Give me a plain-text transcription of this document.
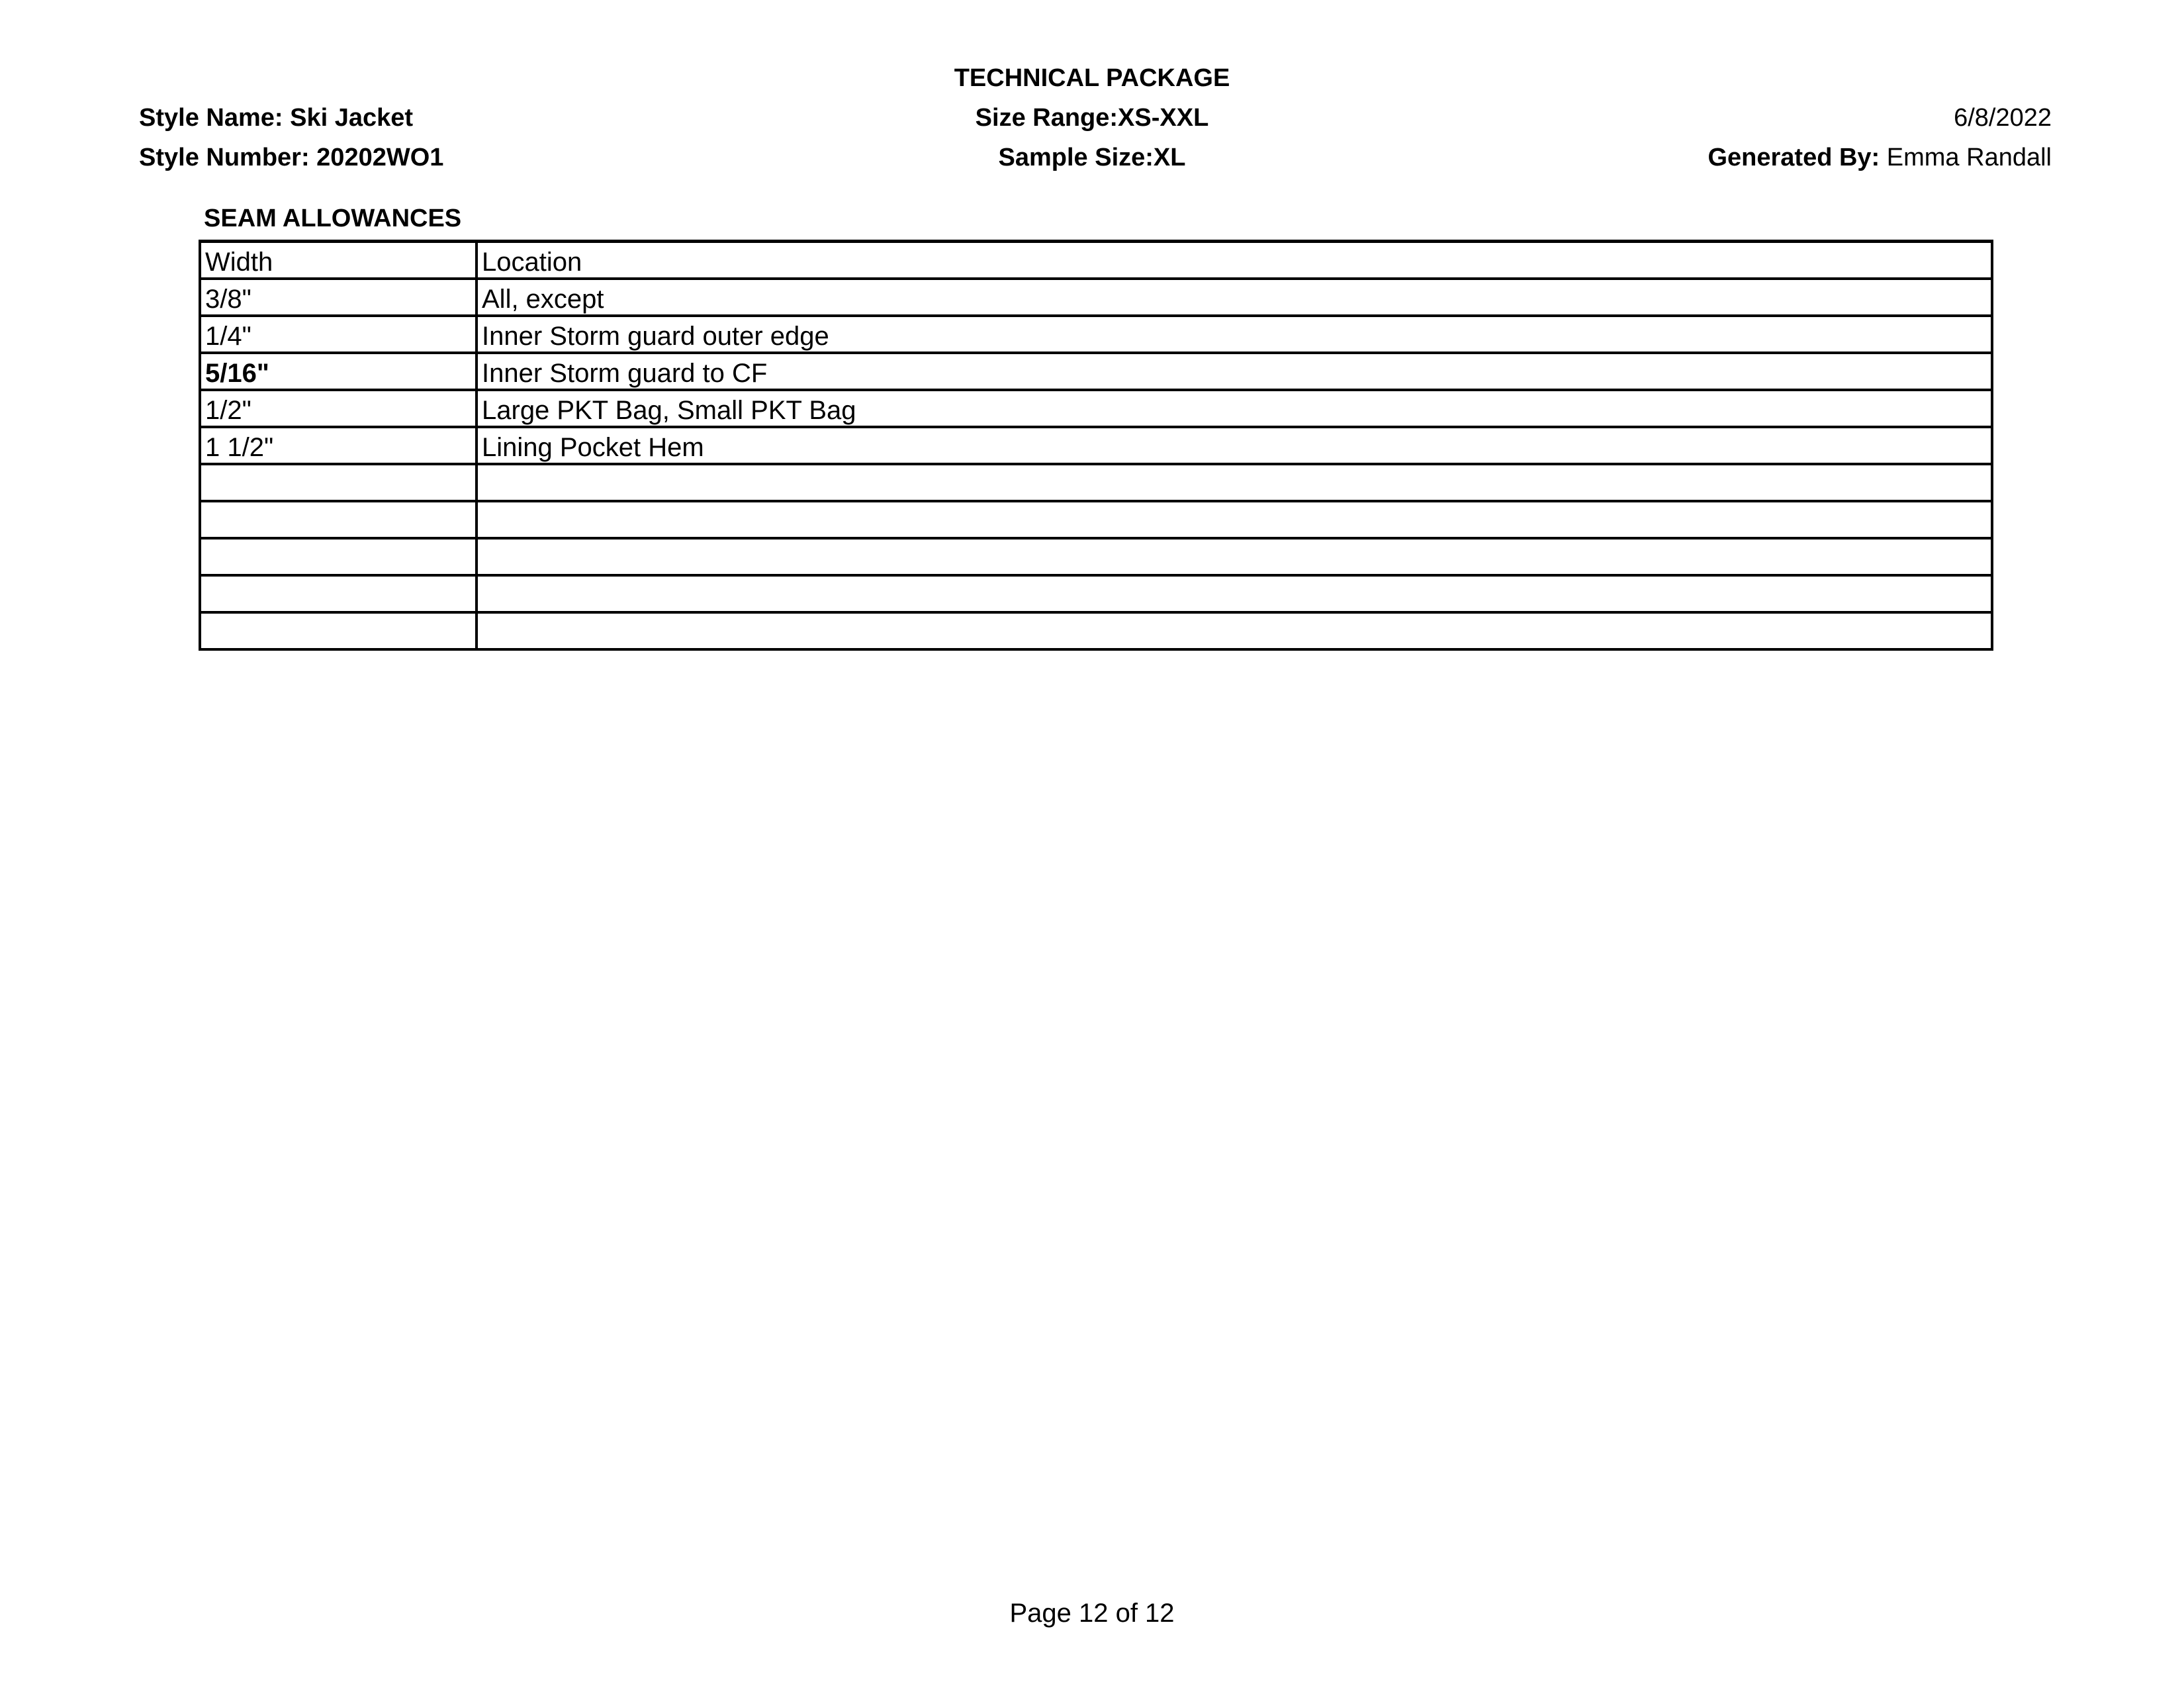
TECHNICAL PACKAGE
Size Range:XS-XXL
Sample Size:XL
Style Name: Ski Jacket
Style Number: 20202WO1
6/8/2022
Generated By: Emma Randall
SEAM ALLOWANCES
Width	Location
3/8"	All, except
1/4"	Inner Storm guard outer edge
5/16"	Inner Storm guard to CF
1/2"	Large PKT Bag, Small PKT Bag
1 1/2"	Lining Pocket Hem

Page 12 of 12
